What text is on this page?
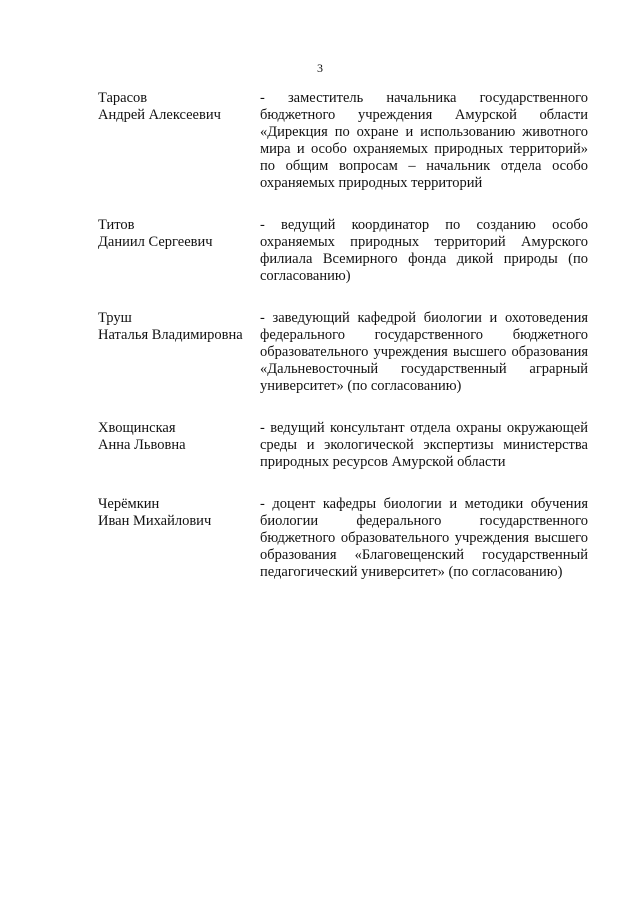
3
Тарасов
Андрей Алексеевич
- заместитель начальника государственного бюджетного учреждения Амурской области «Дирекция по охране и использованию животного мира и особо охраняемых природных территорий» по общим вопросам – начальник отдела особо охраняемых природных территорий
Титов
Даниил Сергеевич
- ведущий координатор по созданию особо охраняемых природных территорий Амурского филиала Всемирного фонда дикой природы (по согласованию)
Труш
Наталья Владимировна
- заведующий кафедрой биологии и охотоведения федерального государственного бюджетного образовательного учреждения высшего образования «Дальневосточный государственный аграрный университет» (по согласованию)
Хвощинская
Анна Львовна
- ведущий консультант отдела охраны окружающей среды и экологической экспертизы министерства природных ресурсов Амурской области
Черёмкин
Иван Михайлович
- доцент кафедры биологии и методики обучения биологии федерального государственного бюджетного образовательного учреждения высшего образования «Благовещенский государственный педагогический университет» (по согласованию)
